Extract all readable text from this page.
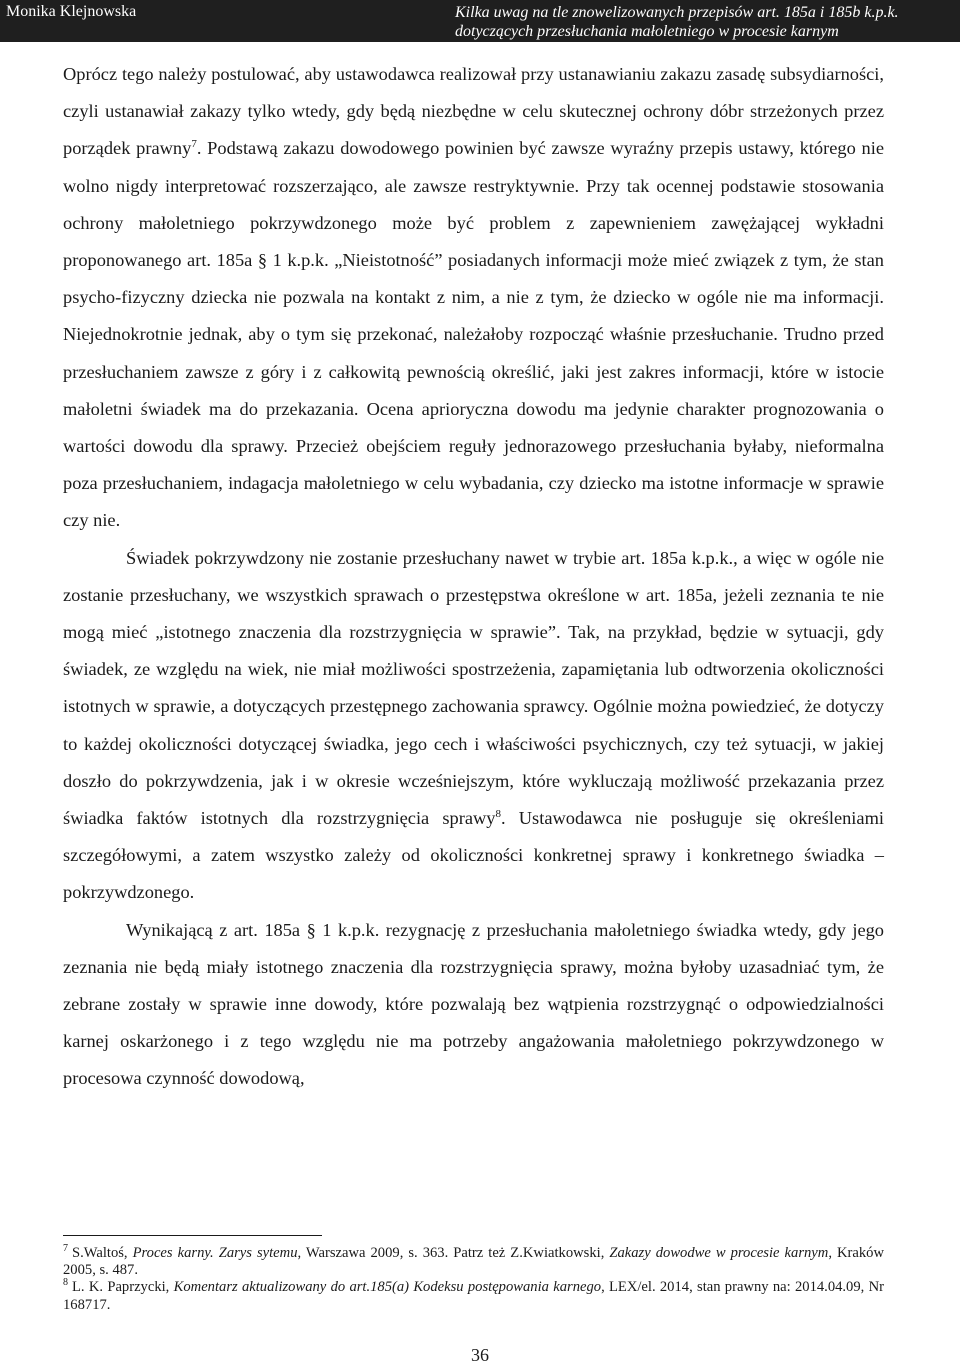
Monika Klejnowska	Kilka uwag na tle znowelizowanych przepisów art. 185a i 185b k.p.k. dotyczących przesłuchania małoletniego w procesie karnym

Oprócz tego należy postulować, aby ustawodawca realizował przy ustanawianiu zakazu zasadę subsydiarności, czyli ustanawiał zakazy tylko wtedy, gdy będą niezbędne w celu skutecznej ochrony dóbr strzeżonych przez porządek prawny$^7$. Podstawą zakazu dowodowego powinien być zawsze wyraźny przepis ustawy, którego nie wolno nigdy interpretować rozszerzająco, ale zawsze restryktywnie. Przy tak ocennej podstawie stosowania ochrony małoletniego pokrzywdzonego może być problem z zapewnieniem zawężającej wykładni proponowanego art. 185a § 1 k.p.k. „Nieistotność” posiadanych informacji może mieć związek z tym, że stan psycho-fizyczny dziecka nie pozwala na kontakt z nim, a nie z tym, że dziecko w ogóle nie ma informacji. Niejednokrotnie jednak, aby o tym się przekonać, należałoby rozpocząć właśnie przesłuchanie. Trudno przed przesłuchaniem zawsze z góry i z całkowitą pewnością określić, jaki jest zakres informacji, które w istocie małoletni świadek ma do przekazania. Ocena aprioryczna dowodu ma jedynie charakter prognozowania o wartości dowodu dla sprawy. Przecież obejściem reguły jednorazowego przesłuchania byłaby, nieformalna poza przesłuchaniem, indagacja małoletniego w celu wybadania, czy dziecko ma istotne informacje w sprawie czy nie.

Świadek pokrzywdzony nie zostanie przesłuchany nawet w trybie art. 185a k.p.k., a więc w ogóle nie zostanie przesłuchany, we wszystkich sprawach o przestępstwa określone w art. 185a, jeżeli zeznania te nie mogą mieć „istotnego znaczenia dla rozstrzygnięcia w sprawie”. Tak, na przykład, będzie w sytuacji, gdy świadek, ze względu na wiek, nie miał możliwości spostrzeżenia, zapamiętania lub odtworzenia okoliczności istotnych w sprawie, a dotyczących przestępnego zachowania sprawcy. Ogólnie można powiedzieć, że dotyczy to każdej okoliczności dotyczącej świadka, jego cech i właściwości psychicznych, czy też sytuacji, w jakiej doszło do pokrzywdzenia, jak i w okresie wcześniejszym, które wykluczają możliwość przekazania przez świadka faktów istotnych dla rozstrzygnięcia sprawy$^8$. Ustawodawca nie posługuje się określeniami szczegółowymi, a zatem wszystko zależy od okoliczności konkretnej sprawy i konkretnego świadka – pokrzywdzonego.

Wynikającą z art. 185a § 1 k.p.k. rezygnację z przesłuchania małoletniego świadka wtedy, gdy jego zeznania nie będą miały istotnego znaczenia dla rozstrzygnięcia sprawy, można byłoby uzasadniać tym, że zebrane zostały w sprawie inne dowody, które pozwalają bez wątpienia rozstrzygnąć o odpowiedzialności karnej oskarżonego i z tego względu nie ma potrzeby angażowania małoletniego pokrzywdzonego w procesowa czynność dowodową,

$^7$ S.Waltoś, Proces karny. Zarys sytemu, Warszawa 2009, s. 363. Patrz też Z.Kwiatkowski, Zakazy dowodwe w procesie karnym, Kraków 2005, s. 487.

$^8$ L. K. Paprzycki, Komentarz aktualizowany do art.185(a) Kodeksu postępowania karnego, LEX/el. 2014, stan prawny na: 2014.04.09, Nr 168717.

36
